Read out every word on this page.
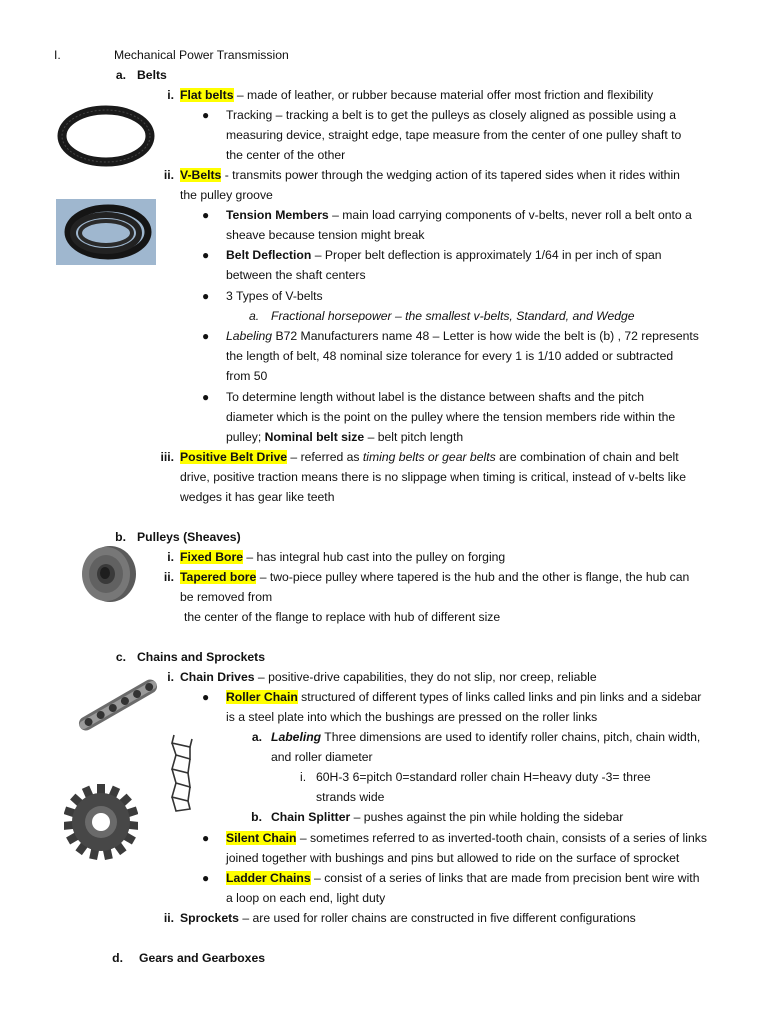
I.	Mechanical Power Transmission
a. Belts
i. Flat belts – made of leather, or rubber because material offer most friction and flexibility
● Tracking – tracking a belt is to get the pulleys as closely aligned as possible using a
measuring device, straight edge, tape measure from the center of one pulley shaft to
the center of the other
ii. V-Belts - transmits power through the wedging action of its tapered sides when it rides within
the pulley groove
● Tension Members – main load carrying components of v-belts, never roll a belt onto a
sheave because tension might break
● Belt Deflection – Proper belt deflection is approximately 1/64 in per inch of span
between the shaft centers
● 3 Types of V-belts
a. Fractional horsepower – the smallest v-belts, Standard, and Wedge
● Labeling B72 Manufacturers name 48 – Letter is how wide the belt is (b) , 72 represents
the length of belt, 48 nominal size tolerance for every 1 is 1/10 added or subtracted
from 50
● To determine length without label is the distance between shafts and the pitch
diameter which is the point on the pulley where the tension members ride within the
pulley; Nominal belt size – belt pitch length
iii. Positive Belt Drive – referred as timing belts or gear belts are combination of chain and belt
drive, positive traction means there is no slippage when timing is critical, instead of v-belts like
wedges it has gear like teeth
b. Pulleys (Sheaves)
i. Fixed Bore – has integral hub cast into the pulley on forging
ii. Tapered bore – two-piece pulley where tapered is the hub and the other is flange, the hub can
be removed from
the center of the flange to replace with hub of different size
c. Chains and Sprockets
i. Chain Drives – positive-drive capabilities, they do not slip, nor creep, reliable
● Roller Chain structured of different types of links called links and pin links and a sidebar
is a steel plate into which the bushings are pressed on the roller links
a. Labeling Three dimensions are used to identify roller chains, pitch, chain width,
and roller diameter
i. 60H-3 6=pitch 0=standard roller chain H=heavy duty -3= three
strands wide
b. Chain Splitter – pushes against the pin while holding the sidebar
● Silent Chain – sometimes referred to as inverted-tooth chain, consists of a series of links
joined together with bushings and pins but allowed to ride on the surface of sprocket
● Ladder Chains – consist of a series of links that are made from precision bent wire with
a loop on each end, light duty
ii. Sprockets – are used for roller chains are constructed in five different configurations
d. Gears and Gearboxes
